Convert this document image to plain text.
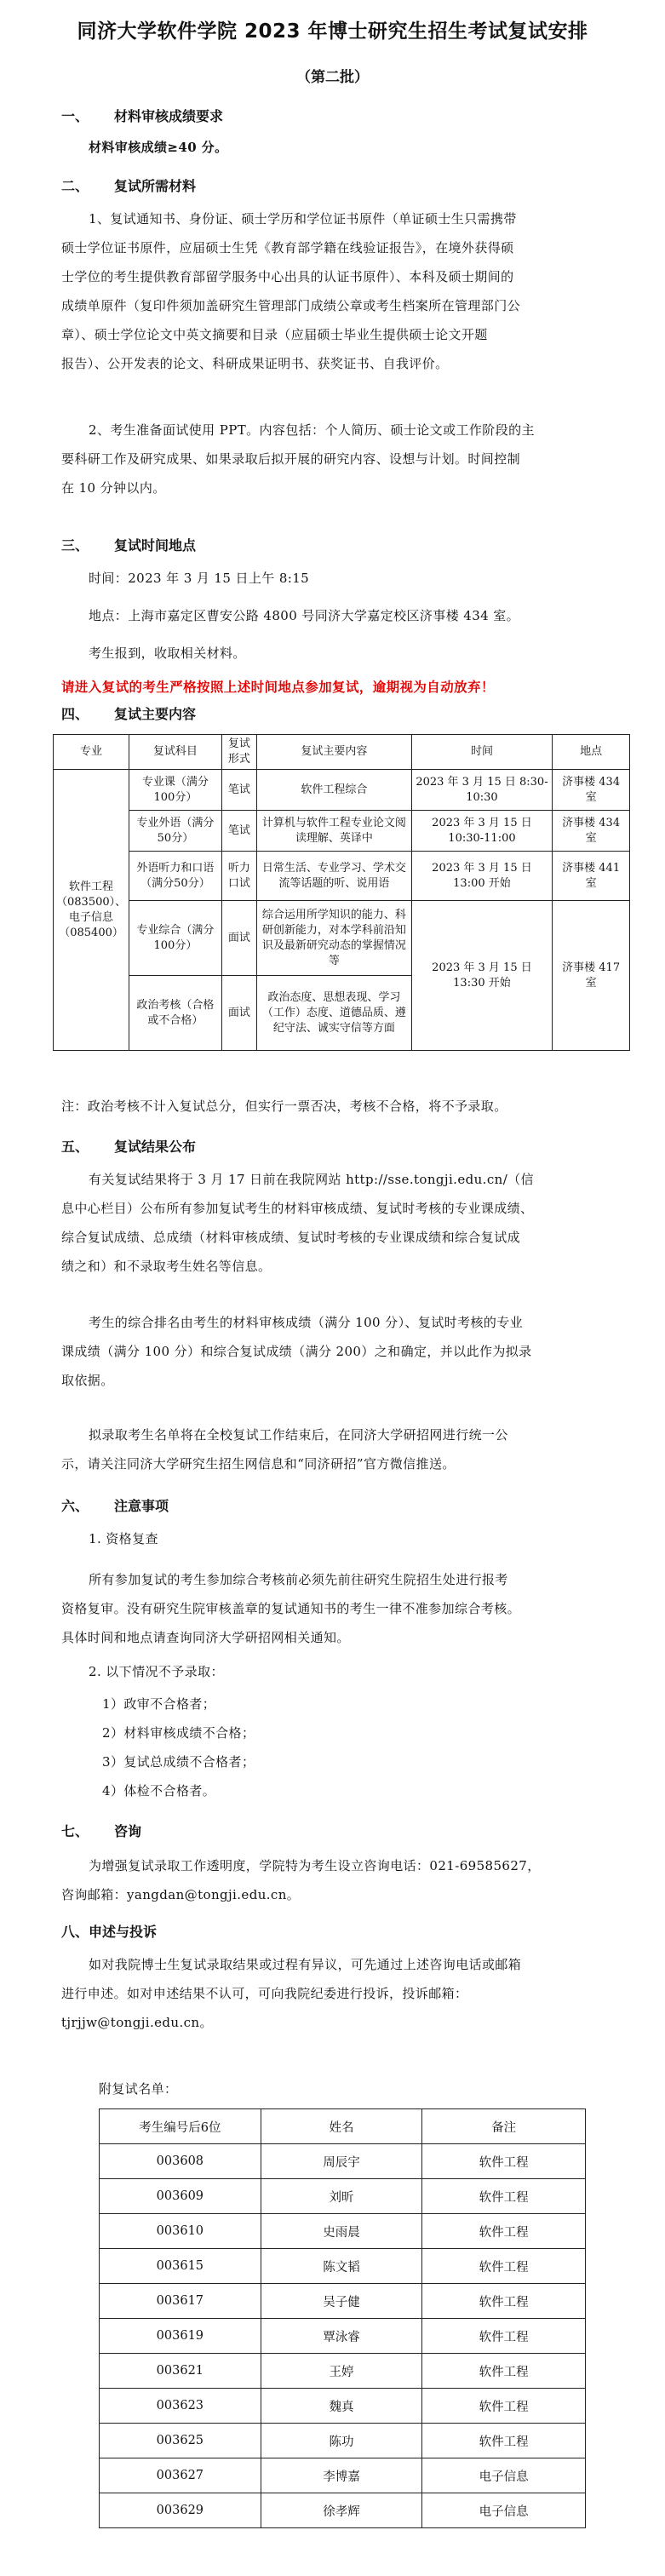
同济大学软件学院 2023 年博士研究生招生考试复试安排
（第二批）
一、 材料审核成绩要求
材料审核成绩≥40 分。
二、 复试所需材料
1、复试通知书、身份证、硕士学历和学位证书原件（单证硕士生只需携带
硕士学位证书原件，应届硕士生凭《教育部学籍在线验证报告》，在境外获得硕
士学位的考生提供教育部留学服务中心出具的认证书原件）、本科及硕士期间的
成绩单原件（复印件须加盖研究生管理部门成绩公章或考生档案所在管理部门公
章）、硕士学位论文中英文摘要和目录（应届硕士毕业生提供硕士论文开题
报告）、公开发表的论文、科研成果证明书、获奖证书、自我评价。
2、考生准备面试使用 PPT。内容包括：个人简历、硕士论文或工作阶段的主
要科研工作及研究成果、如果录取后拟开展的研究内容、设想与计划。时间控制
在 10 分钟以内。
三、 复试时间地点
时间：2023 年 3 月 15 日上午 8:15
地点：上海市嘉定区曹安公路 4800 号同济大学嘉定校区济事楼 434 室。
考生报到，收取相关材料。
请进入复试的考生严格按照上述时间地点参加复试，逾期视为自动放弃！
四、 复试主要内容
专业	复试科目	复试形式	复试主要内容	时间	地点
软件工程（083500）、电子信息（085400）	专业课（满分100分）	笔试	软件工程综合	2023 年 3 月 15 日 8:30-10:30	济事楼 434 室
	专业外语（满分50分）	笔试	计算机与软件工程专业论文阅读理解、英译中	2023 年 3 月 15 日 10:30-11:00	济事楼 434 室
	外语听力和口语（满分50分）	听力口试	日常生活、专业学习、学术交流等话题的听、说用语	2023 年 3 月 15 日 13:00 开始	济事楼 441 室
	专业综合（满分100分）	面试	综合运用所学知识的能力、科研创新能力，对本学科前沿知识及最新研究动态的掌握情况等	2023 年 3 月 15 日 13:30 开始	济事楼 417 室
	政治考核（合格或不合格）	面试	政治态度、思想表现、学习（工作）态度、道德品质、遵纪守法、诚实守信等方面		
注：政治考核不计入复试总分，但实行一票否决，考核不合格，将不予录取。
五、 复试结果公布
有关复试结果将于 3 月 17 日前在我院网站 http://sse.tongji.edu.cn/（信
息中心栏目）公布所有参加复试考生的材料审核成绩、复试时考核的专业课成绩、
综合复试成绩、总成绩（材料审核成绩、复试时考核的专业课成绩和综合复试成
绩之和）和不录取考生姓名等信息。
考生的综合排名由考生的材料审核成绩（满分 100 分）、复试时考核的专业
课成绩（满分 100 分）和综合复试成绩（满分 200）之和确定，并以此作为拟录
取依据。
拟录取考生名单将在全校复试工作结束后，在同济大学研招网进行统一公
示，请关注同济大学研究生招生网信息和“同济研招”官方微信推送。
六、 注意事项
1. 资格复查
所有参加复试的考生参加综合考核前必须先前往研究生院招生处进行报考
资格复审。没有研究生院审核盖章的复试通知书的考生一律不准参加综合考核。
具体时间和地点请查询同济大学研招网相关通知。
2. 以下情况不予录取：
1）政审不合格者；
2）材料审核成绩不合格；
3）复试总成绩不合格者；
4）体检不合格者。
七、 咨询
为增强复试录取工作透明度，学院特为考生设立咨询电话：021-69585627，
咨询邮箱：yangdan@tongji.edu.cn。
八、申述与投诉
如对我院博士生复试录取结果或过程有异议，可先通过上述咨询电话或邮箱
进行申述。如对申述结果不认可，可向我院纪委进行投诉，投诉邮箱：
tjrjjw@tongji.edu.cn。
附复试名单：
考生编号后6位	姓名	备注
003608	周辰宇	软件工程
003609	刘昕	软件工程
003610	史雨晨	软件工程
003615	陈文韬	软件工程
003617	吴子健	软件工程
003619	覃泳睿	软件工程
003621	王婷	软件工程
003623	魏真	软件工程
003625	陈功	软件工程
003627	李博嘉	电子信息
003629	徐孝辉	电子信息
